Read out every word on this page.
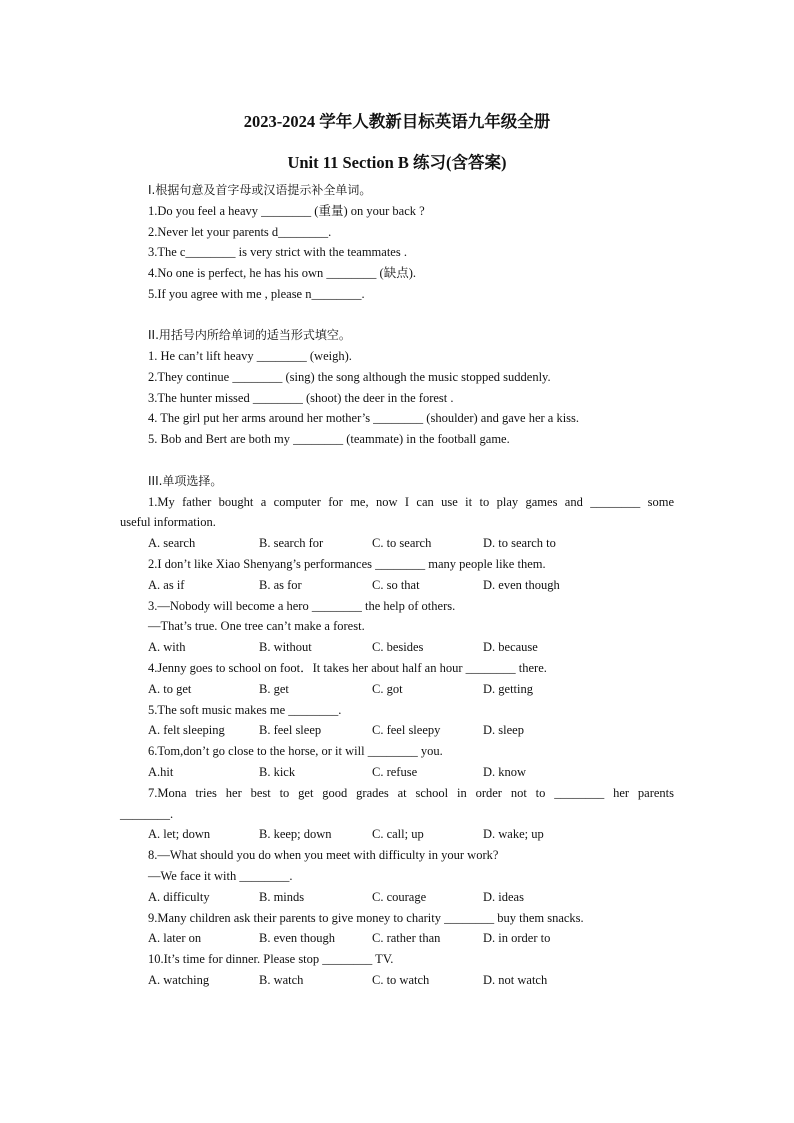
2023-2024 学年人教新目标英语九年级全册
Unit 11 Section B 练习(含答案)
I.根据句意及首字母或汉语提示补全单词。
1.Do you feel a heavy ________ (重量) on your back ?
2.Never let your parents d________.
3.The c________ is very strict with the teammates .
4.No one is perfect, he has his own ________ (缺点).
5.If you agree with me , please n________.
II.用括号内所给单词的适当形式填空。
1. He can’t lift heavy ________ (weigh).
2.They continue ________ (sing) the song although the music stopped suddenly.
3.The hunter missed ________ (shoot) the deer in the forest .
4. The girl put her arms around her mother’s ________ (shoulder) and gave her a kiss.
5. Bob and Bert are both my ________ (teammate) in the football game.
III.单项选择。
1.My father bought a computer for me, now I can use it to play games and ________ some
useful information.
A. search	B. search for	C. to search	D. to search to
2.I don’t like Xiao Shenyang’s performances ________ many people like them.
A. as if	B. as for	C. so that	D. even though
3.—Nobody will become a hero ________ the help of others.
—That’s true. One tree can’t make a forest.
A. with	B. without	C. besides	D. because
4.Jenny goes to school on foot．It takes her about half an hour ________ there.
A. to get	B. get	C. got	D. getting
5.The soft music makes me ________.
A. felt sleeping	B. feel sleep	C. feel sleepy	D. sleep
6.Tom,don’t go close to the horse, or it will ________ you.
A.hit	B. kick	C. refuse	D. know
7.Mona tries her best to get good grades at school in order not to ________ her parents
________.
A. let; down	B. keep; down	C. call; up	D. wake; up
8.—What should you do when you meet with difficulty in your work?
—We face it with ________.
A. difficulty	B. minds	C. courage	D. ideas
9.Many children ask their parents to give money to charity ________ buy them snacks.
A. later on	B. even though	C. rather than	D. in order to
10.It’s time for dinner. Please stop ________ TV.
A. watching	B. watch	C. to watch	D. not watch
